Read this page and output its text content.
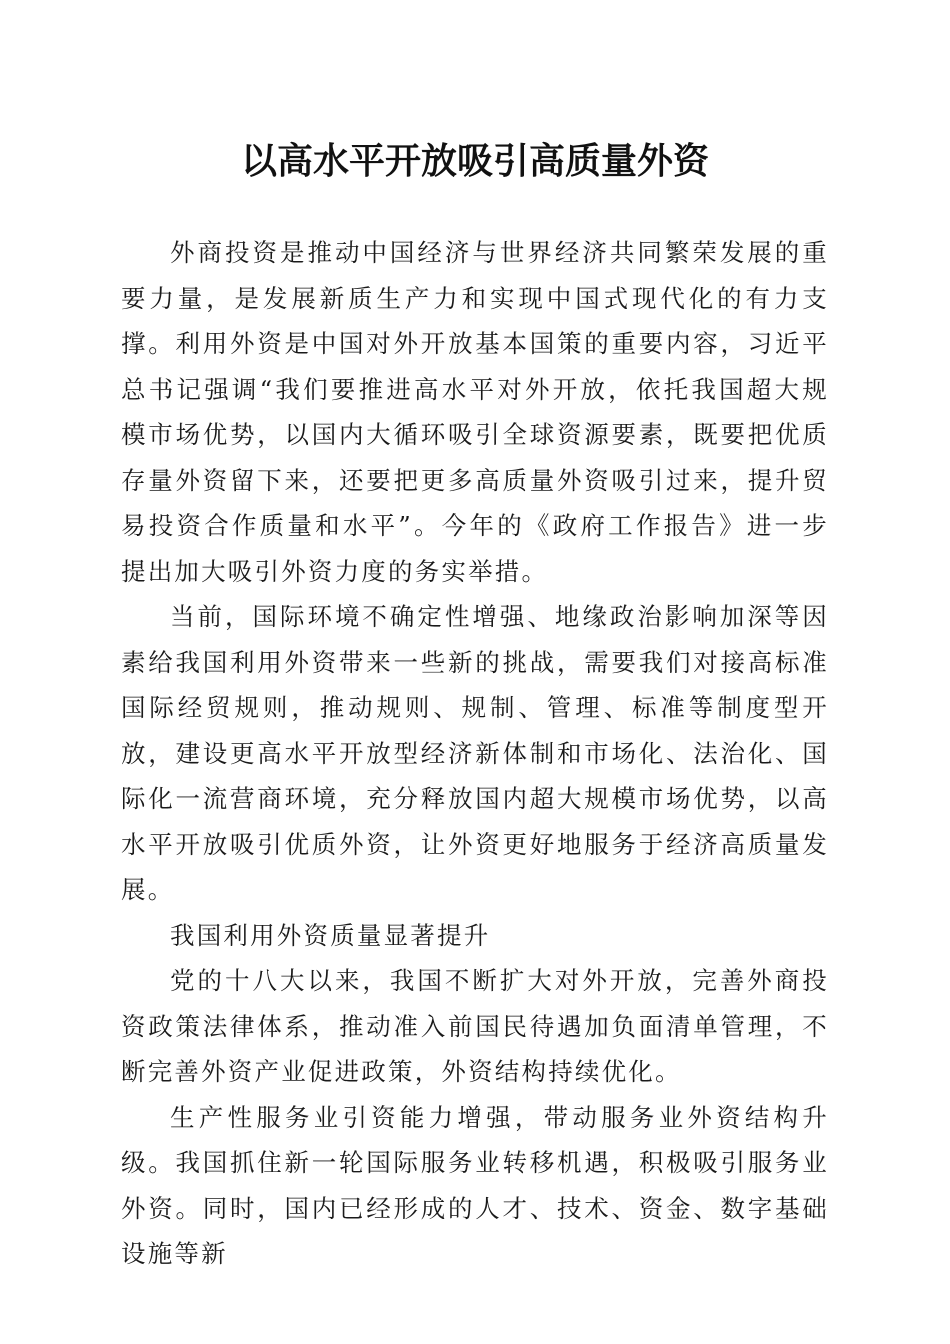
以高水平开放吸引高质量外资

外商投资是推动中国经济与世界经济共同繁荣发展的重要力量，是发展新质生产力和实现中国式现代化的有力支撑。利用外资是中国对外开放基本国策的重要内容，习近平总书记强调“我们要推进高水平对外开放，依托我国超大规模市场优势，以国内大循环吸引全球资源要素，既要把优质存量外资留下来，还要把更多高质量外资吸引过来，提升贸易投资合作质量和水平”。今年的《政府工作报告》进一步提出加大吸引外资力度的务实举措。

当前，国际环境不确定性增强、地缘政治影响加深等因素给我国利用外资带来一些新的挑战，需要我们对接高标准国际经贸规则，推动规则、规制、管理、标准等制度型开放，建设更高水平开放型经济新体制和市场化、法治化、国际化一流营商环境，充分释放国内超大规模市场优势，以高水平开放吸引优质外资，让外资更好地服务于经济高质量发展。

我国利用外资质量显著提升

党的十八大以来，我国不断扩大对外开放，完善外商投资政策法律体系，推动准入前国民待遇加负面清单管理，不断完善外资产业促进政策，外资结构持续优化。

生产性服务业引资能力增强，带动服务业外资结构升级。我国抓住新一轮国际服务业转移机遇，积极吸引服务业外资。同时，国内已经形成的人才、技术、资金、数字基础设施等新
